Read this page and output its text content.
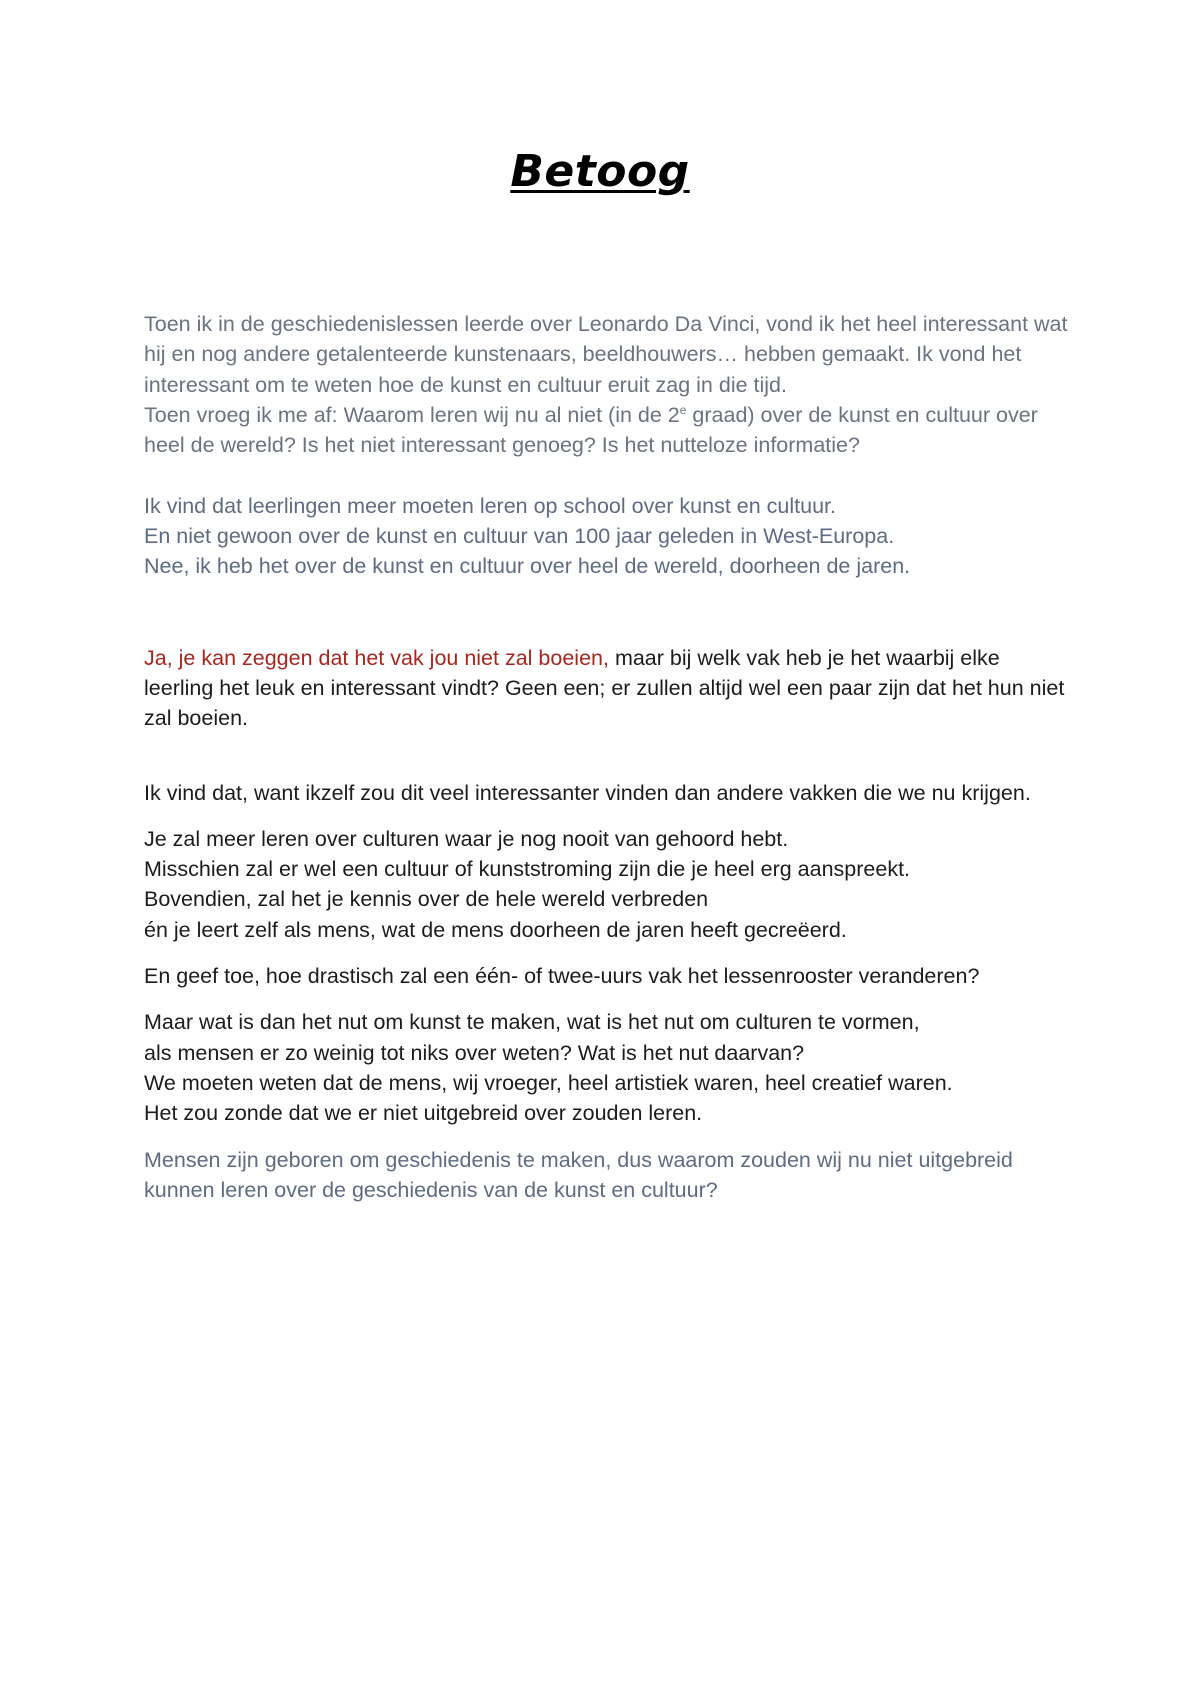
Betoog

Toen ik in de geschiedenislessen leerde over Leonardo Da Vinci, vond ik het heel interessant wat hij en nog andere getalenteerde kunstenaars, beeldhouwers… hebben gemaakt. Ik vond het interessant om te weten hoe de kunst en cultuur eruit zag in die tijd.
Toen vroeg ik me af: Waarom leren wij nu al niet (in de 2e graad) over de kunst en cultuur over heel de wereld? Is het niet interessant genoeg? Is het nutteloze informatie?

Ik vind dat leerlingen meer moeten leren op school over kunst en cultuur.
En niet gewoon over de kunst en cultuur van 100 jaar geleden in West-Europa.
Nee, ik heb het over de kunst en cultuur over heel de wereld, doorheen de jaren.

Ja, je kan zeggen dat het vak jou niet zal boeien, maar bij welk vak heb je het waarbij elke leerling het leuk en interessant vindt? Geen een; er zullen altijd wel een paar zijn dat het hun niet zal boeien.

Ik vind dat, want ikzelf zou dit veel interessanter vinden dan andere vakken die we nu krijgen.

Je zal meer leren over culturen waar je nog nooit van gehoord hebt.
Misschien zal er wel een cultuur of kunststroming zijn die je heel erg aanspreekt.
Bovendien, zal het je kennis over de hele wereld verbreden
én je leert zelf als mens, wat de mens doorheen de jaren heeft gecreëerd.

En geef toe, hoe drastisch zal een één- of twee-uurs vak het lessenrooster veranderen?

Maar wat is dan het nut om kunst te maken, wat is het nut om culturen te vormen,
als mensen er zo weinig tot niks over weten? Wat is het nut daarvan?
We moeten weten dat de mens, wij vroeger, heel artistiek waren, heel creatief waren.
Het zou zonde dat we er niet uitgebreid over zouden leren.

Mensen zijn geboren om geschiedenis te maken, dus waarom zouden wij nu niet uitgebreid kunnen leren over de geschiedenis van de kunst en cultuur?
